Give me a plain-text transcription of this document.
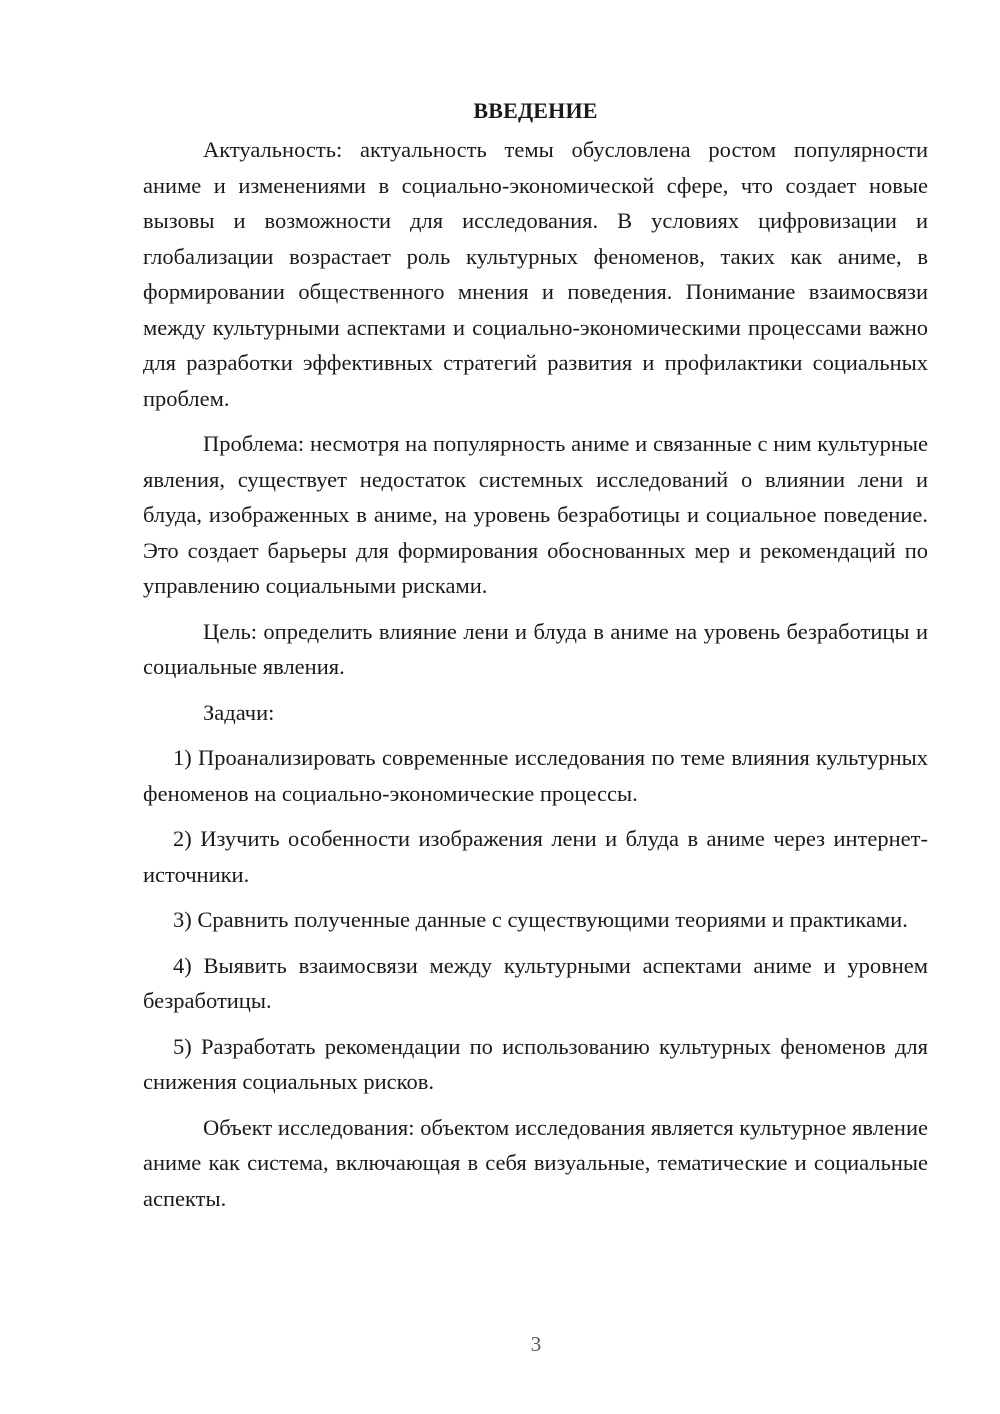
ВВЕДЕНИЕ

Актуальность: актуальность темы обусловлена ростом популярности аниме и изменениями в социально-экономической сфере, что создает новые вызовы и возможности для исследования. В условиях цифровизации и глобализации возрастает роль культурных феноменов, таких как аниме, в формировании общественного мнения и поведения. Понимание взаимосвязи между культурными аспектами и социально-экономическими процессами важно для разработки эффективных стратегий развития и профилактики социальных проблем.

Проблема: несмотря на популярность аниме и связанные с ним культурные явления, существует недостаток системных исследований о влиянии лени и блуда, изображенных в аниме, на уровень безработицы и социальное поведение. Это создает барьеры для формирования обоснованных мер и рекомендаций по управлению социальными рисками.

Цель: определить влияние лени и блуда в аниме на уровень безработицы и социальные явления.

Задачи:

1) Проанализировать современные исследования по теме влияния культурных феноменов на социально-экономические процессы.

2) Изучить особенности изображения лени и блуда в аниме через интернет-источники.

3) Сравнить полученные данные с существующими теориями и практиками.

4) Выявить взаимосвязи между культурными аспектами аниме и уровнем безработицы.

5) Разработать рекомендации по использованию культурных феноменов для снижения социальных рисков.

Объект исследования: объектом исследования является культурное явление аниме как система, включающая в себя визуальные, тематические и социальные аспекты.

3
